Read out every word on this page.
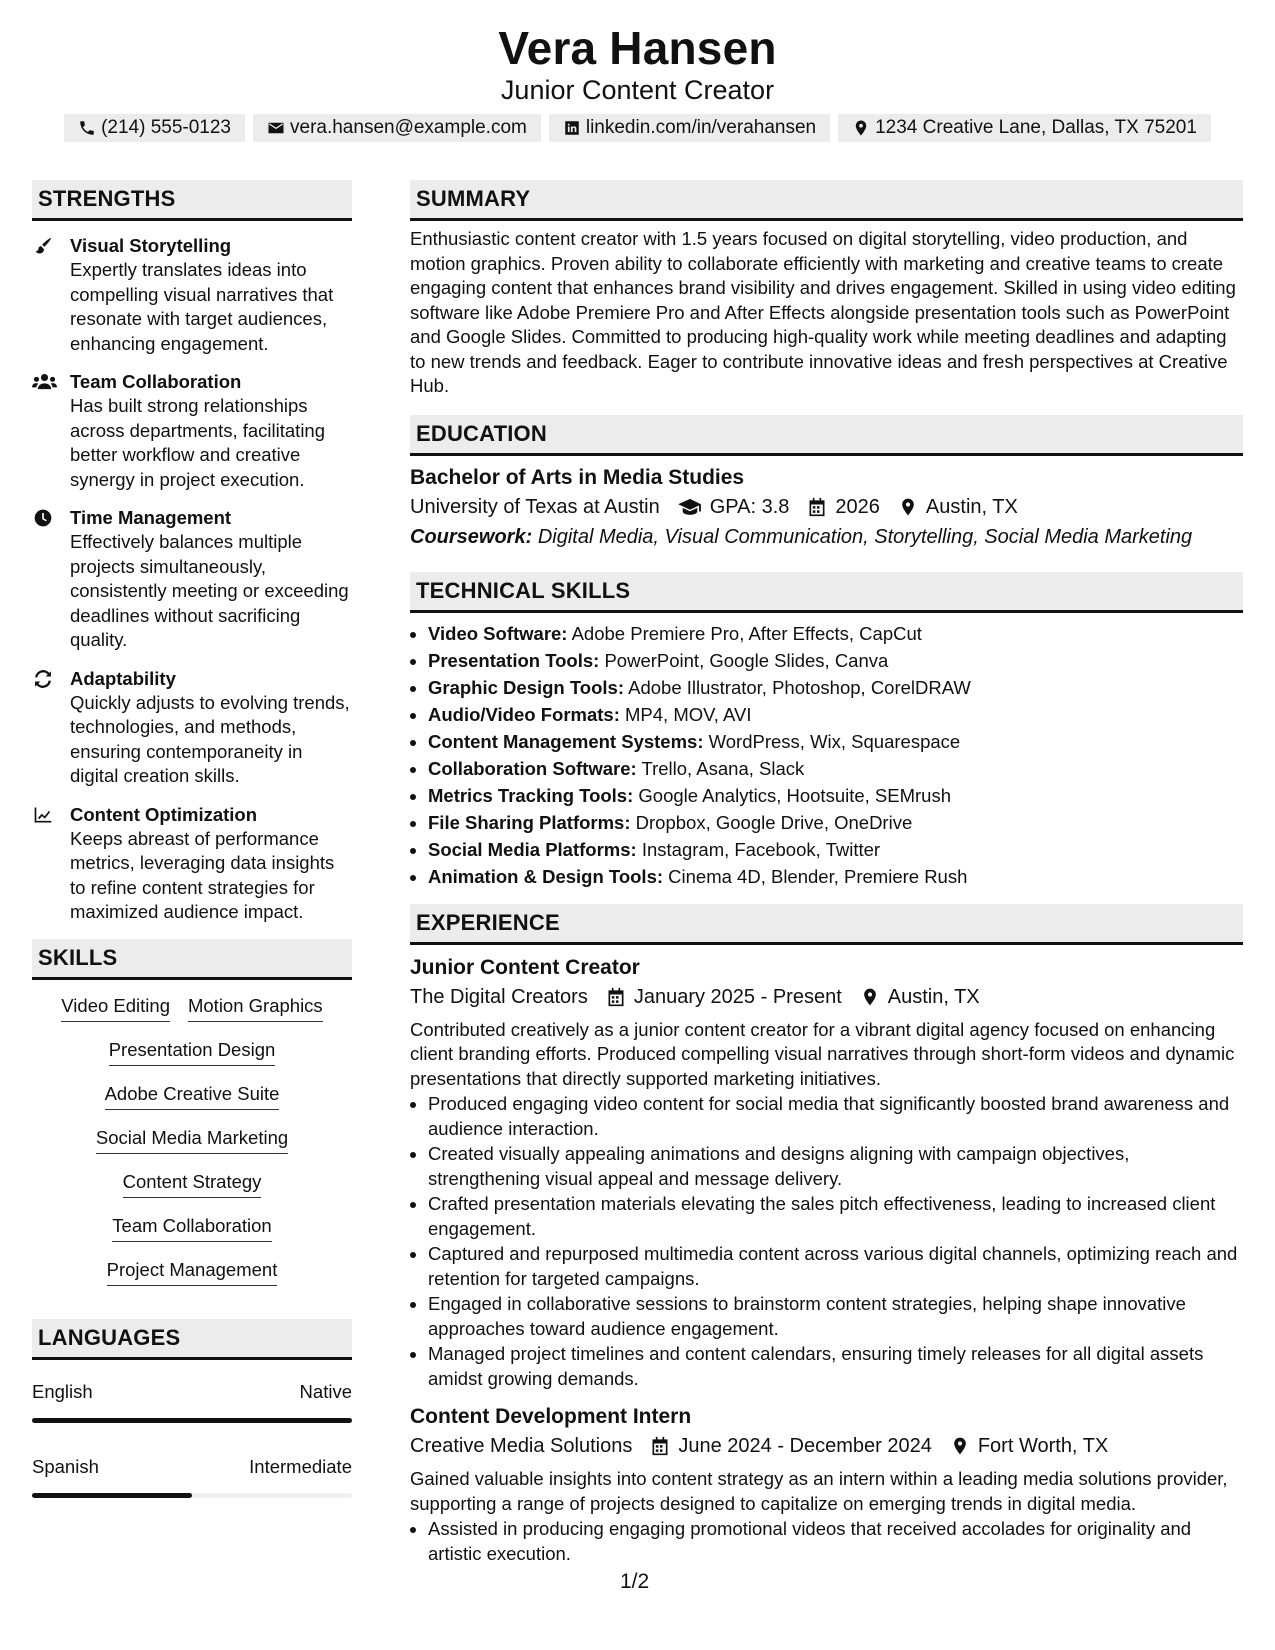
Vera Hansen
Junior Content Creator
(214) 555-0123	vera.hansen@example.com	linkedin.com/in/verahansen	1234 Creative Lane, Dallas, TX 75201
STRENGTHS
Visual Storytelling
Expertly translates ideas into compelling visual narratives that resonate with target audiences, enhancing engagement.
Team Collaboration
Has built strong relationships across departments, facilitating better workflow and creative synergy in project execution.
Time Management
Effectively balances multiple projects simultaneously, consistently meeting or exceeding deadlines without sacrificing quality.
Adaptability
Quickly adjusts to evolving trends, technologies, and methods, ensuring contemporaneity in digital creation skills.
Content Optimization
Keeps abreast of performance metrics, leveraging data insights to refine content strategies for maximized audience impact.
SKILLS
Video Editing Motion Graphics
Presentation Design
Adobe Creative Suite
Social Media Marketing
Content Strategy
Team Collaboration
Project Management
LANGUAGES
English	Native
Spanish	Intermediate
SUMMARY
Enthusiastic content creator with 1.5 years focused on digital storytelling, video production, and motion graphics. Proven ability to collaborate efficiently with marketing and creative teams to create engaging content that enhances brand visibility and drives engagement. Skilled in using video editing software like Adobe Premiere Pro and After Effects alongside presentation tools such as PowerPoint and Google Slides. Committed to producing high-quality work while meeting deadlines and adapting to new trends and feedback. Eager to contribute innovative ideas and fresh perspectives at Creative Hub.
EDUCATION
Bachelor of Arts in Media Studies
University of Texas at Austin	GPA: 3.8 2026 Austin, TX
Coursework: Digital Media, Visual Communication, Storytelling, Social Media Marketing
TECHNICAL SKILLS
• Video Software: Adobe Premiere Pro, After Effects, CapCut
• Presentation Tools: PowerPoint, Google Slides, Canva
• Graphic Design Tools: Adobe Illustrator, Photoshop, CorelDRAW
• Audio/Video Formats: MP4, MOV, AVI
• Content Management Systems: WordPress, Wix, Squarespace
• Collaboration Software: Trello, Asana, Slack
• Metrics Tracking Tools: Google Analytics, Hootsuite, SEMrush
• File Sharing Platforms: Dropbox, Google Drive, OneDrive
• Social Media Platforms: Instagram, Facebook, Twitter
• Animation & Design Tools: Cinema 4D, Blender, Premiere Rush
EXPERIENCE
Junior Content Creator
The Digital Creators January 2025 - Present Austin, TX
Contributed creatively as a junior content creator for a vibrant digital agency focused on enhancing client branding efforts. Produced compelling visual narratives through short-form videos and dynamic presentations that directly supported marketing initiatives.
• Produced engaging video content for social media that significantly boosted brand awareness and audience interaction.
• Created visually appealing animations and designs aligning with campaign objectives, strengthening visual appeal and message delivery.
• Crafted presentation materials elevating the sales pitch effectiveness, leading to increased client engagement.
• Captured and repurposed multimedia content across various digital channels, optimizing reach and retention for targeted campaigns.
• Engaged in collaborative sessions to brainstorm content strategies, helping shape innovative approaches toward audience engagement.
• Managed project timelines and content calendars, ensuring timely releases for all digital assets amidst growing demands.
Content Development Intern
Creative Media Solutions June 2024 - December 2024 Fort Worth, TX
Gained valuable insights into content strategy as an intern within a leading media solutions provider, supporting a range of projects designed to capitalize on emerging trends in digital media.
• Assisted in producing engaging promotional videos that received accolades for originality and artistic execution.
1/2
